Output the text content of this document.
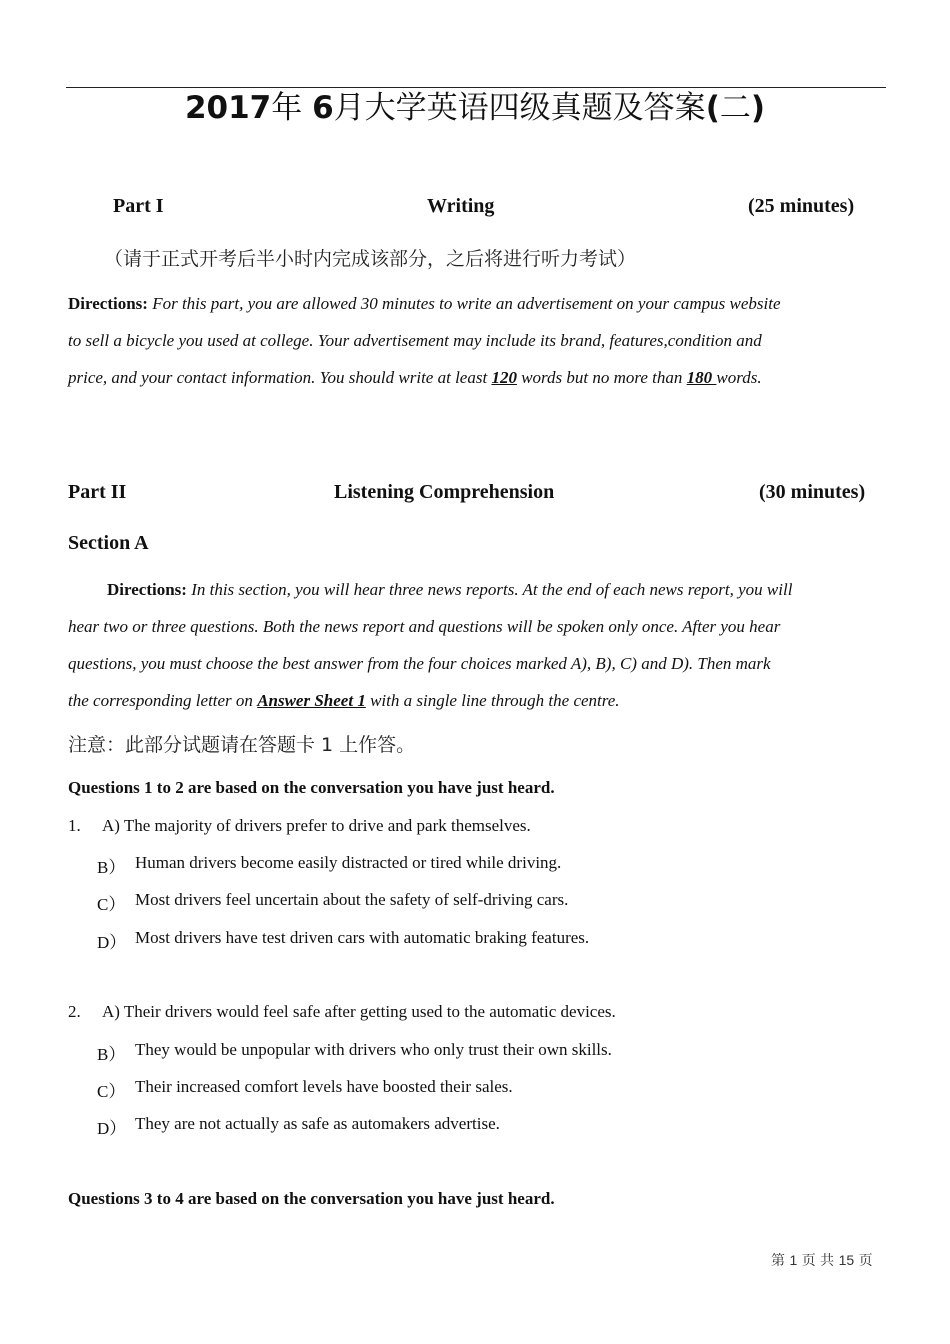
2017年 6月大学英语四级真题及答案(二)
Part I	Writing	(25 minutes)
（请于正式开考后半小时内完成该部分，之后将进行听力考试）
Directions: For this part, you are allowed 30 minutes to write an advertisement on your campus website
to sell a bicycle you used at college. Your advertisement may include its brand, features,condition and
price, and your contact information. You should write at least 120 words but no more than 180 words.
Part II	Listening Comprehension	(30 minutes)
Section A
Directions: In this section, you will hear three news reports. At the end of each news report, you will
hear two or three questions. Both the news report and questions will be spoken only once. After you hear
questions, you must choose the best answer from the four choices marked A), B), C) and D). Then mark
the corresponding letter on Answer Sheet 1 with a single line through the centre.
注意：此部分试题请在答题卡 1 上作答。
Questions 1 to 2 are based on the conversation you have just heard.
1. A) The majority of drivers prefer to drive and park themselves.
B） Human drivers become easily distracted or tired while driving.
C） Most drivers feel uncertain about the safety of self-driving cars.
D） Most drivers have test driven cars with automatic braking features.
2. A) Their drivers would feel safe after getting used to the automatic devices.
B） They would be unpopular with drivers who only trust their own skills.
C） Their increased comfort levels have boosted their sales.
D） They are not actually as safe as automakers advertise.
Questions 3 to 4 are based on the conversation you have just heard.
第 1 页 共 15 页
